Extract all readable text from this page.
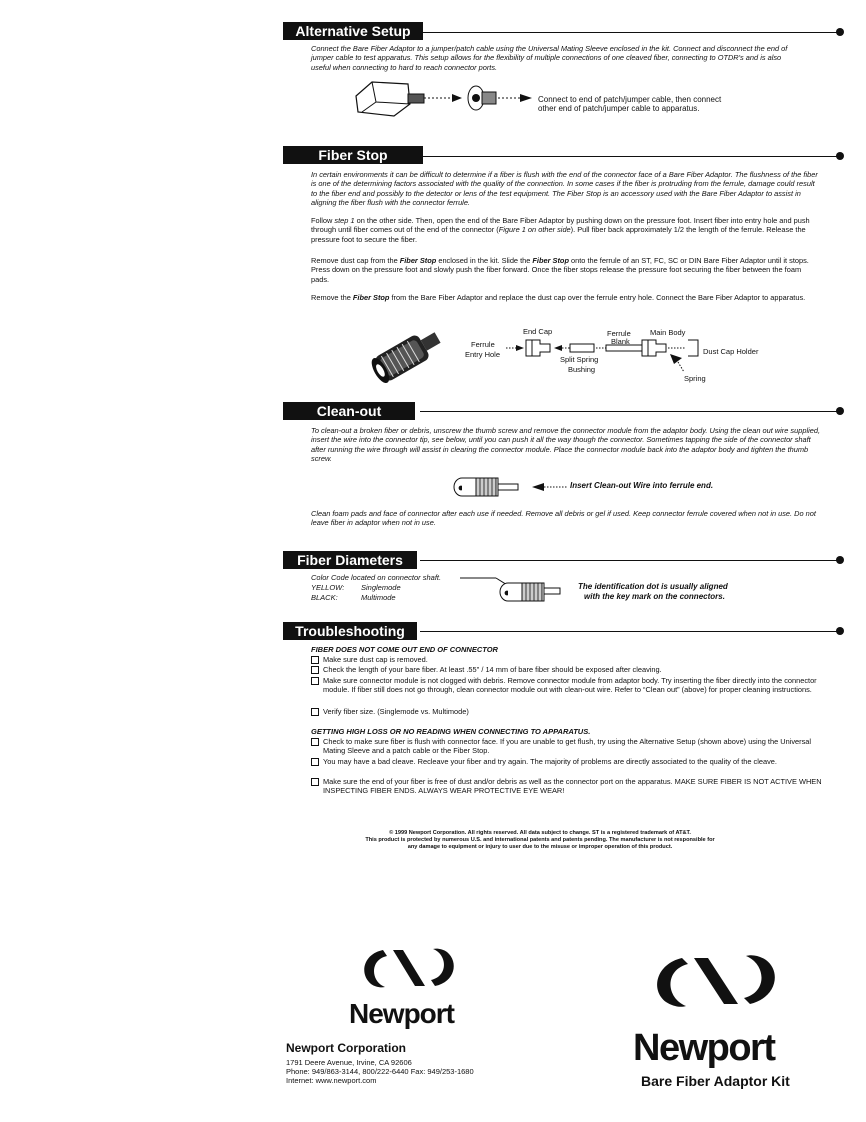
Alternative Setup
Connect the Bare Fiber Adaptor to a jumper/patch cable using the Universal Mating Sleeve enclosed in the kit. Connect and disconnect the end of jumper cable to test apparatus. This setup allows for the flexibility of multiple connections of one cleaved fiber, connecting to OTDR's and is also useful when connecting to hard to reach connector ports.
Connect to end of patch/jumper cable, then connect
other end of patch/jumper cable to apparatus.
Fiber Stop
In certain environments it can be difficult to determine if a fiber is flush with the end of the connector face of a Bare Fiber Adaptor. The flushness of the fiber is one of the determining factors associated with the quality of the connection. In some cases if the fiber is protruding from the ferrule, damage could result to the fiber end and possibly to the detector or lens of the test equipment. The Fiber Stop is an accessory used with the Bare Fiber Adaptor to assist in aligning the fiber flush with the connector ferrule.
Follow step 1 on the other side. Then, open the end of the Bare Fiber Adaptor by pushing down on the pressure foot. Insert fiber into entry hole and push through until fiber comes out of the end of the connector (Figure 1 on other side). Pull fiber back approximately 1/2 the length of the ferrule. Release the pressure foot to secure the fiber.
Remove dust cap from the Fiber Stop enclosed in the kit. Slide the Fiber Stop onto the ferrule of an ST, FC, SC or DIN Bare Fiber Adaptor until it stops. Press down on the pressure foot and slowly push the fiber forward. Once the fiber stops release the pressure foot securing the fiber between the foam pads.
Remove the Fiber Stop from the Bare Fiber Adaptor and replace the dust cap over the ferrule entry hole. Connect the Bare Fiber Adaptor to apparatus.
End Cap
Ferrule
Entry Hole
Ferrule
Blank
Main Body
Split Spring
Bushing
Dust Cap Holder
Spring
Clean-out
To clean-out a broken fiber or debris, unscrew the thumb screw and remove the connector module from the adaptor body. Using the clean out wire supplied, insert the wire into the connector tip, see below, until you can push it all the way though the connector. Sometimes tapping the side of the connector shaft after running the wire through will assist in clearing the connector module. Place the connector module back into the adaptor body and tighten the thumb screw.
Insert Clean-out Wire into ferrule end.
Clean foam pads and face of connector after each use if needed. Remove all debris or gel if used. Keep connector ferrule covered when not in use. Do not leave fiber in adaptor when not in use.
Fiber Diameters
Color Code located on connector shaft.
YELLOW: Singlemode
BLACK:	Multimode
The identification dot is usually aligned
with the key mark on the connectors.
Troubleshooting
FIBER DOES NOT COME OUT END OF CONNECTOR
Make sure dust cap is removed.
Check the length of your bare fiber. At least .55" / 14 mm of bare fiber should be exposed after cleaving.
Make sure connector module is not clogged with debris. Remove connector module from adaptor body. Try inserting the fiber directly into the connector module. If fiber still does not go through, clean connector module out with clean-out wire. Refer to “Clean out” (above) for proper cleaning instructions.
Verify fiber size. (Singlemode vs. Multimode)
GETTING HIGH LOSS OR NO READING WHEN CONNECTING TO APPARATUS.
Check to make sure fiber is flush with connector face. If you are unable to get flush, try using the Alternative Setup (shown above) using the Universal Mating Sleeve and a patch cable or the Fiber Stop.
You may have a bad cleave. Recleave your fiber and try again. The majority of problems are directly associated to the quality of the cleave.
Make sure the end of your fiber is free of dust and/or debris as well as the connector port on the apparatus. MAKE SURE FIBER IS NOT ACTIVE WHEN INSPECTING FIBER ENDS. ALWAYS WEAR PROTECTIVE EYE WEAR!
© 1999 Newport Corporation. All rights reserved. All data subject to change. ST is a registered trademark of AT&T.
This product is protected by numerous U.S. and international patents and patents pending. The manufacturer is not responsible for
any damage to equipment or injury to user due to the misuse or improper operation of this product.
Newport
Newport Corporation
1791 Deere Avenue, Irvine, CA 92606
Phone: 949/863-3144, 800/222-6440 Fax: 949/253-1680
Internet: www.newport.com
Newport
Bare Fiber Adaptor Kit
